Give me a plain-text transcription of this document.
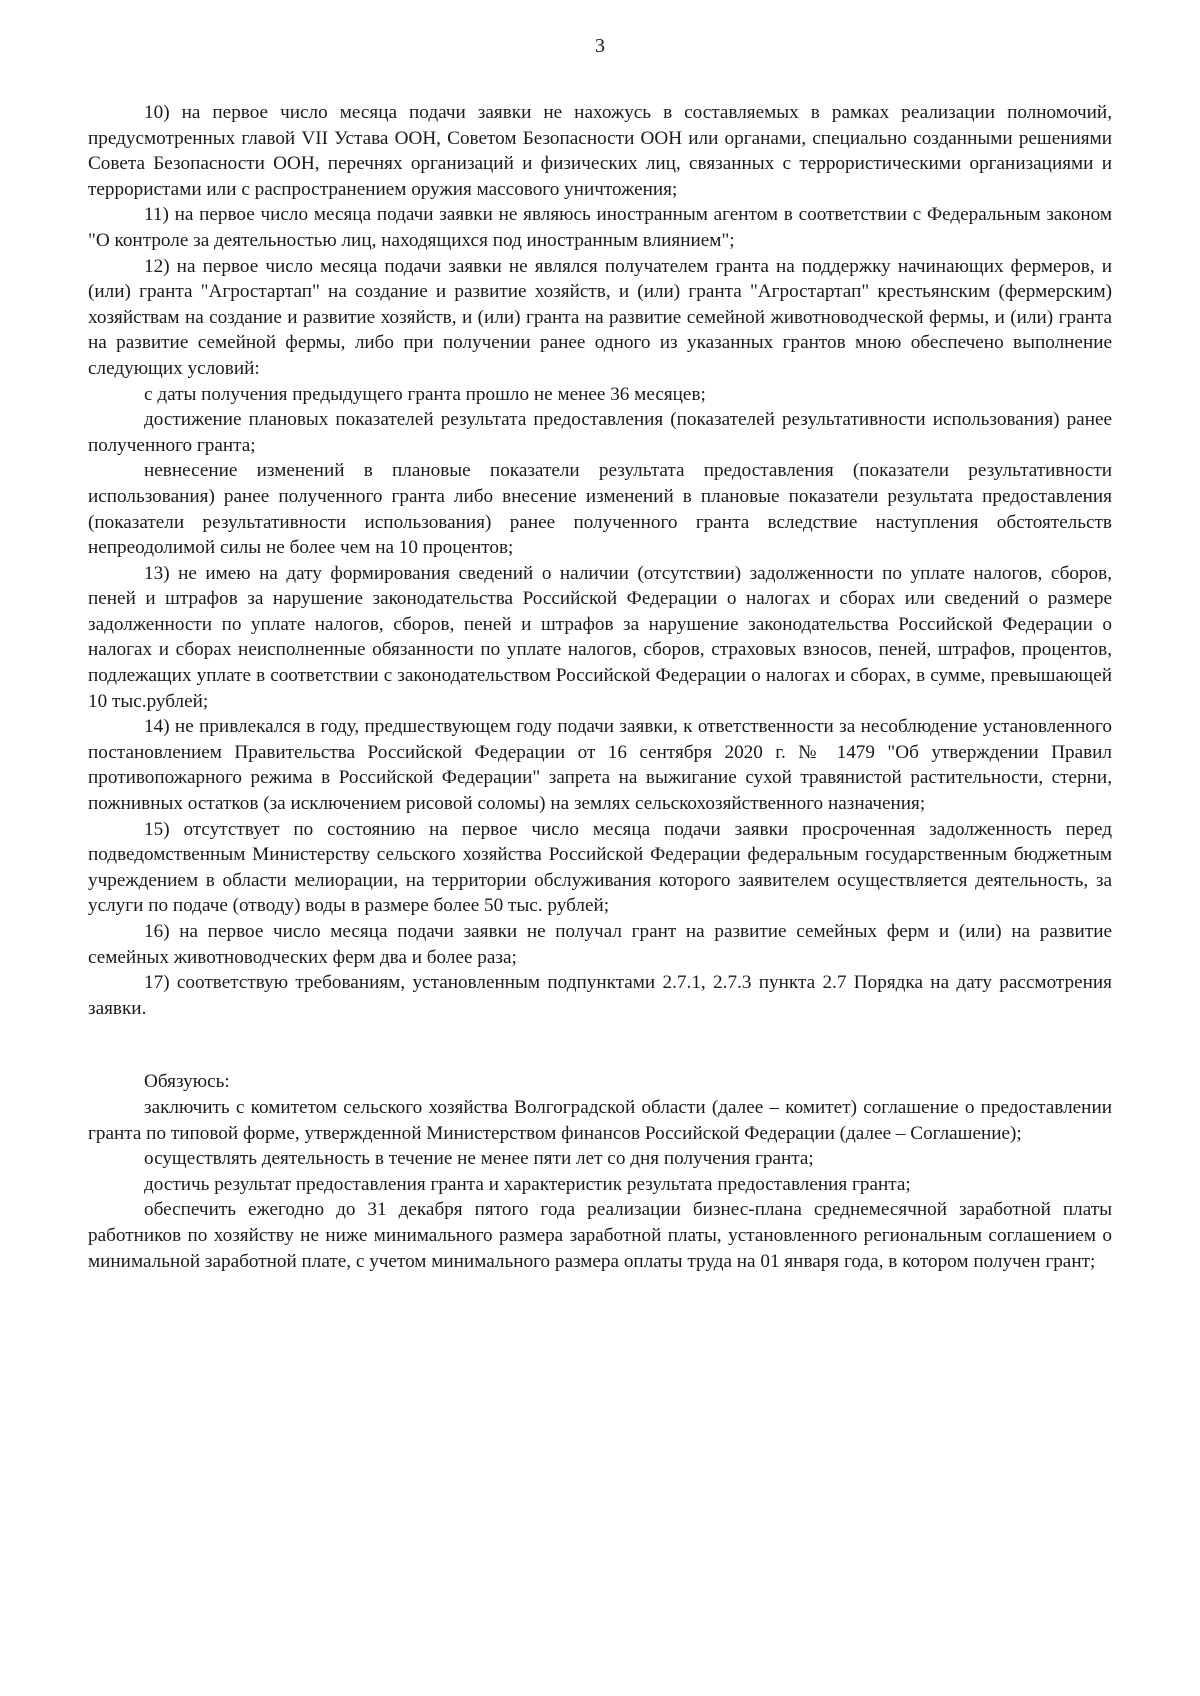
3

10) на первое число месяца подачи заявки не нахожусь в составляемых в рамках реализации полномочий, предусмотренных главой VII Устава ООН, Советом Безопасности ООН или органами, специально созданными решениями Совета Безопасности ООН, перечнях организаций и физических лиц, связанных с террористическими организациями и террористами или с распространением оружия массового уничтожения;

11) на первое число месяца подачи заявки не являюсь иностранным агентом в соответствии с Федеральным законом "О контроле за деятельностью лиц, находящихся под иностранным влиянием";

12) на первое число месяца подачи заявки не являлся получателем гранта на поддержку начинающих фермеров, и (или) гранта "Агростартап" на создание и развитие хозяйств, и (или) гранта "Агростартап" крестьянским (фермерским) хозяйствам на создание и развитие хозяйств, и (или) гранта на развитие семейной животноводческой фермы, и (или) гранта на развитие семейной фермы, либо при получении ранее одного из указанных грантов мною обеспечено выполнение следующих условий:

с даты получения предыдущего гранта прошло не менее 36 месяцев;

достижение плановых показателей результата предоставления (показателей результативности использования) ранее полученного гранта;

невнесение изменений в плановые показатели результата предоставления (показатели результативности использования) ранее полученного гранта либо внесение изменений в плановые показатели результата предоставления (показатели результативности использования) ранее полученного гранта вследствие наступления обстоятельств непреодолимой силы не более чем на 10 процентов;

13) не имею на дату формирования сведений о наличии (отсутствии) задолженности по уплате налогов, сборов, пеней и штрафов за нарушение законодательства Российской Федерации о налогах и сборах или сведений о размере задолженности по уплате налогов, сборов, пеней и штрафов за нарушение законодательства Российской Федерации о налогах и сборах неисполненные обязанности по уплате налогов, сборов, страховых взносов, пеней, штрафов, процентов, подлежащих уплате в соответствии с законодательством Российской Федерации о налогах и сборах, в сумме, превышающей 10 тыс.рублей;

14) не привлекался в году, предшествующем году подачи заявки, к ответственности за несоблюдение установленного постановлением Правительства Российской Федерации от 16 сентября 2020 г. № 1479 "Об утверждении Правил противопожарного режима в Российской Федерации" запрета на выжигание сухой травянистой растительности, стерни, пожнивных остатков (за исключением рисовой соломы) на землях сельскохозяйственного назначения;

15) отсутствует по состоянию на первое число месяца подачи заявки просроченная задолженность перед подведомственным Министерству сельского хозяйства Российской Федерации федеральным государственным бюджетным учреждением в области мелиорации, на территории обслуживания которого заявителем осуществляется деятельность, за услуги по подаче (отводу) воды в размере более 50 тыс. рублей;

16) на первое число месяца подачи заявки не получал грант на развитие семейных ферм и (или) на развитие семейных животноводческих ферм два и более раза;

17) соответствую требованиям, установленным подпунктами 2.7.1, 2.7.3 пункта 2.7 Порядка на дату рассмотрения заявки.

Обязуюсь:

заключить с комитетом сельского хозяйства Волгоградской области (далее – комитет) соглашение о предоставлении гранта по типовой форме, утвержденной Министерством финансов Российской Федерации (далее – Соглашение);

осуществлять деятельность в течение не менее пяти лет со дня получения гранта;

достичь результат предоставления гранта и характеристик результата предоставления гранта;

обеспечить ежегодно до 31 декабря пятого года реализации бизнес-плана среднемесячной заработной платы работников по хозяйству не ниже минимального размера заработной платы, установленного региональным соглашением о минимальной заработной плате, с учетом минимального размера оплаты труда на 01 января года, в котором получен грант;
